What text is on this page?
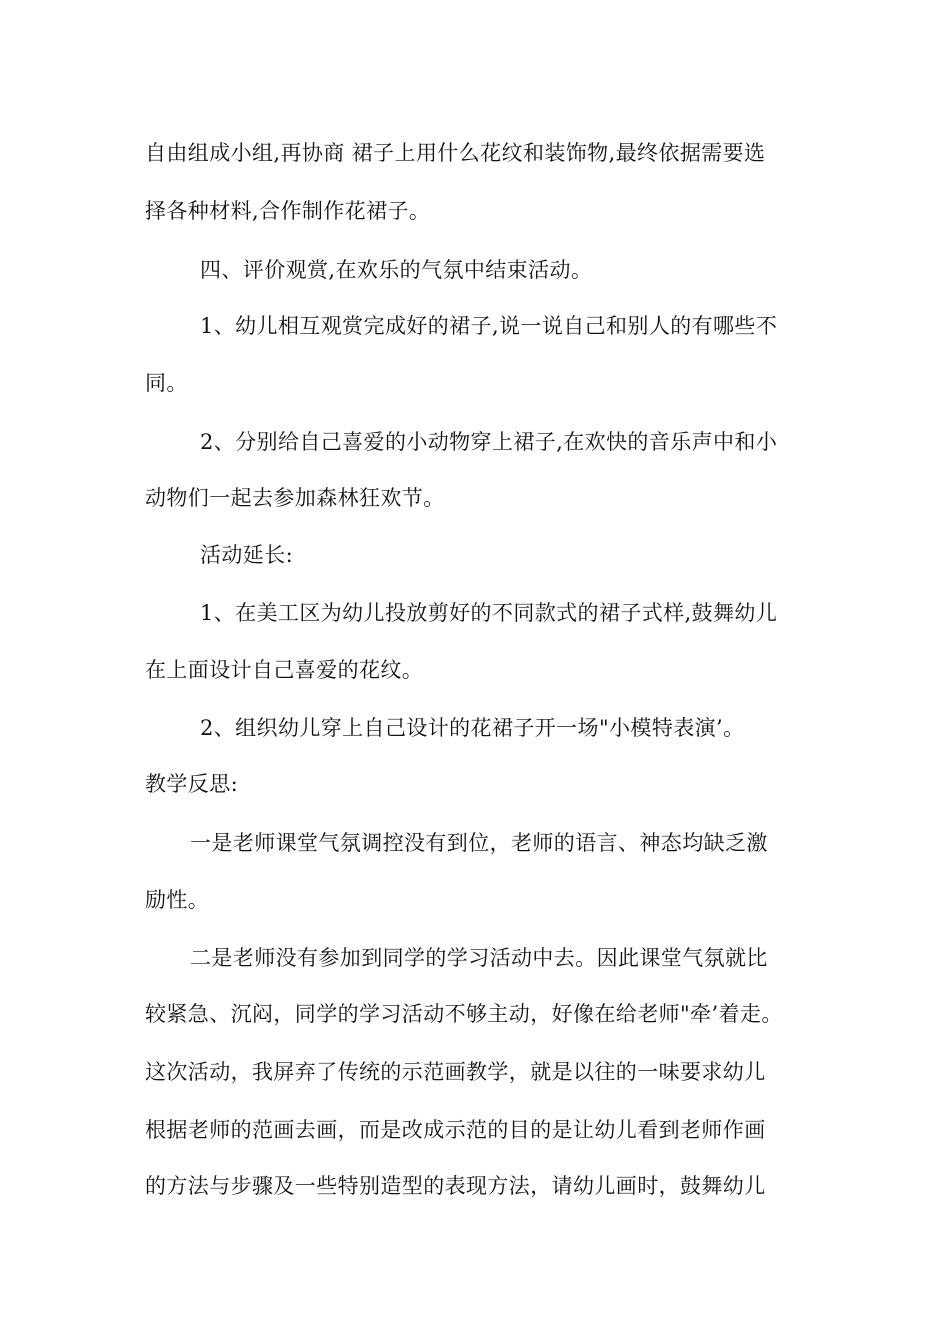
自由组成小组,再协商 裙子上用什么花纹和装饰物,最终依据需要选
择各种材料,合作制作花裙子。
四、评价观赏,在欢乐的气氛中结束活动。
1、幼儿相互观赏完成好的裙子,说一说自己和别人的有哪些不
同。
2、分别给自己喜爱的小动物穿上裙子,在欢快的音乐声中和小
动物们一起去参加森林狂欢节。
活动延长:
1、在美工区为幼儿投放剪好的不同款式的裙子式样,鼓舞幼儿
在上面设计自己喜爱的花纹。
2、组织幼儿穿上自己设计的花裙子开一场"小模特表演’。
教学反思:
一是老师课堂气氛调控没有到位，老师的语言、神态均缺乏激
励性。
二是老师没有参加到同学的学习活动中去。因此课堂气氛就比
较紧急、沉闷，同学的学习活动不够主动，好像在给老师"牵’着走。
这次活动，我屏弃了传统的示范画教学，就是以往的一味要求幼儿
根据老师的范画去画，而是改成示范的目的是让幼儿看到老师作画
的方法与步骤及一些特别造型的表现方法，请幼儿画时，鼓舞幼儿
